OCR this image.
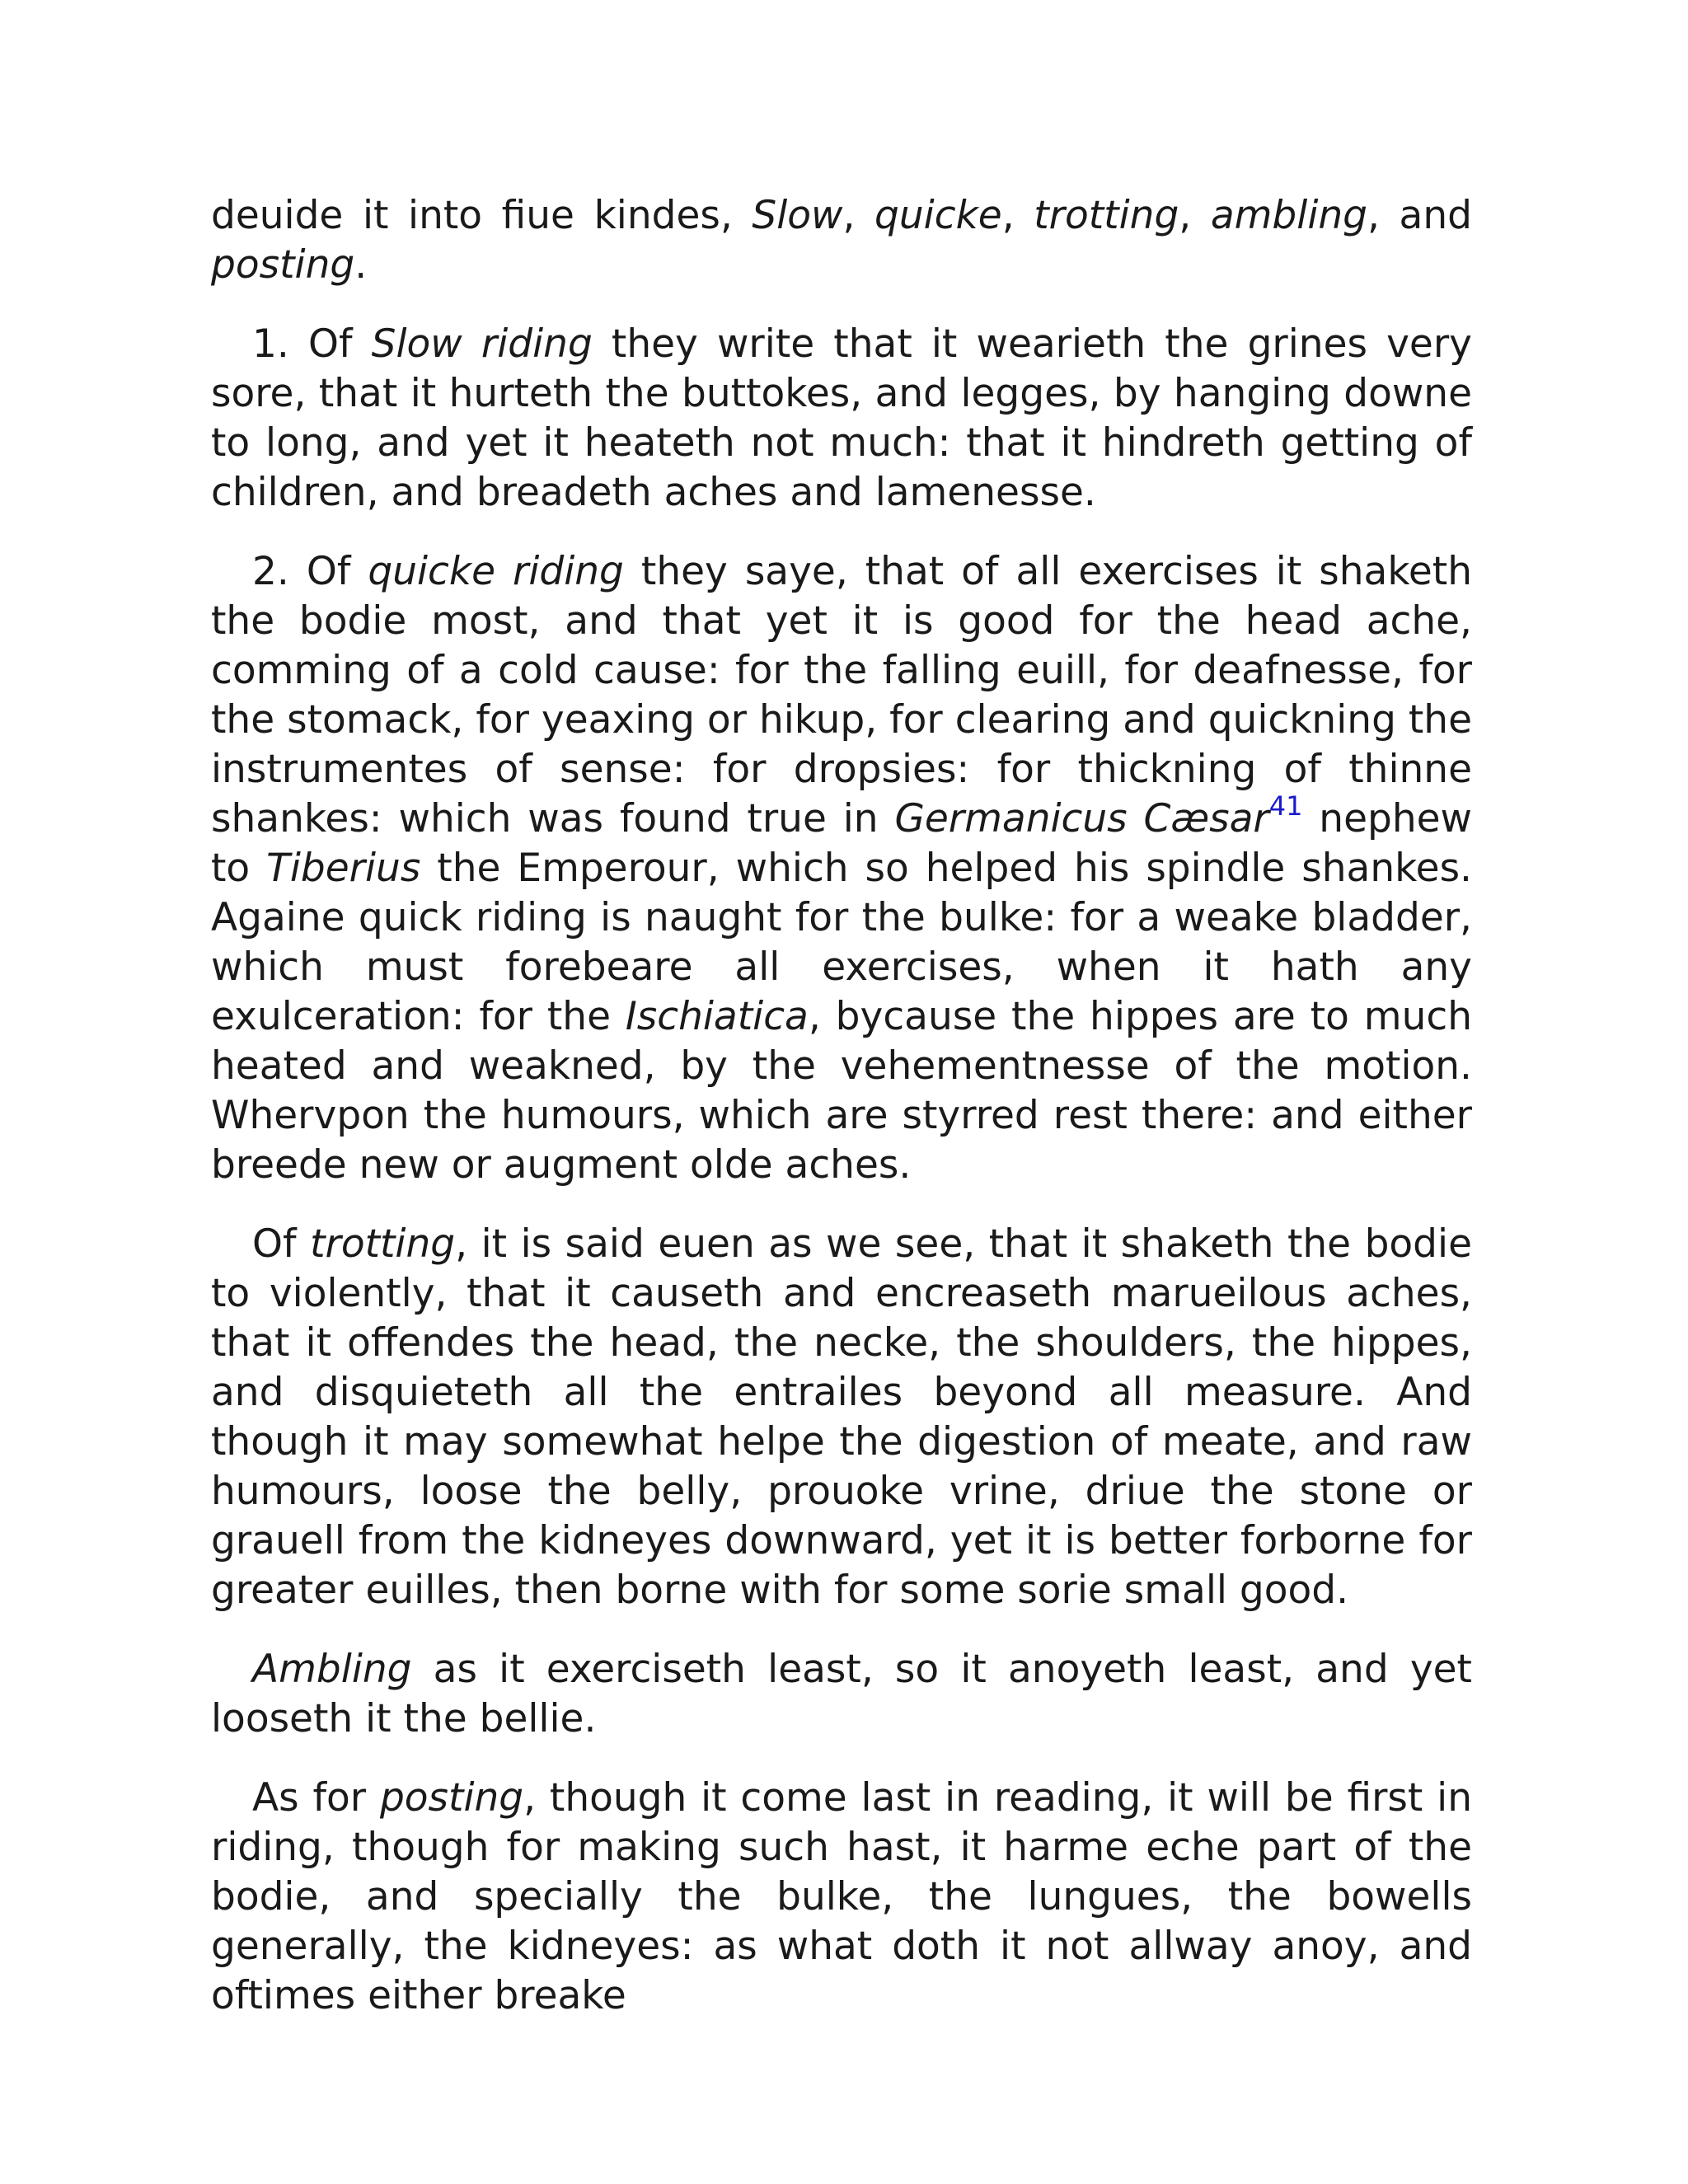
deuide it into fiue kindes, Slow, quicke, trotting, ambling, and posting.

1. Of Slow riding they write that it wearieth the grines very sore, that it hurteth the buttokes, and legges, by hanging downe to long, and yet it heateth not much: that it hindreth getting of children, and breadeth aches and lamenesse.

2. Of quicke riding they saye, that of all exercises it shaketh the bodie most, and that yet it is good for the head ache, comming of a cold cause: for the falling euill, for deafnesse, for the stomack, for yeaxing or hikup, for clearing and quickning the instrumentes of sense: for dropsies: for thickning of thinne shankes: which was found true in Germanicus Cæsar$^{41}$ nephew to Tiberius the Emperour, which so helped his spindle shankes. Againe quick riding is naught for the bulke: for a weake bladder, which must forebeare all exercises, when it hath any exulceration: for the Ischiatica, bycause the hippes are to much heated and weakned, by the vehementnesse of the motion. Whervpon the humours, which are styrred rest there: and either breede new or augment olde aches.

Of trotting, it is said euen as we see, that it shaketh the bodie to violently, that it causeth and encreaseth marueilous aches, that it offendes the head, the necke, the shoulders, the hippes, and disquieteth all the entrailes beyond all measure. And though it may somewhat helpe the digestion of meate, and raw humours, loose the belly, prouoke vrine, driue the stone or grauell from the kidneyes downward, yet it is better forborne for greater euilles, then borne with for some sorie small good.

Ambling as it exerciseth least, so it anoyeth least, and yet looseth it the bellie.

As for posting, though it come last in reading, it will be first in riding, though for making such hast, it harme eche part of the bodie, and specially the bulke, the lungues, the bowells generally, the kidneyes: as what doth it not allway anoy, and oftimes either breake
